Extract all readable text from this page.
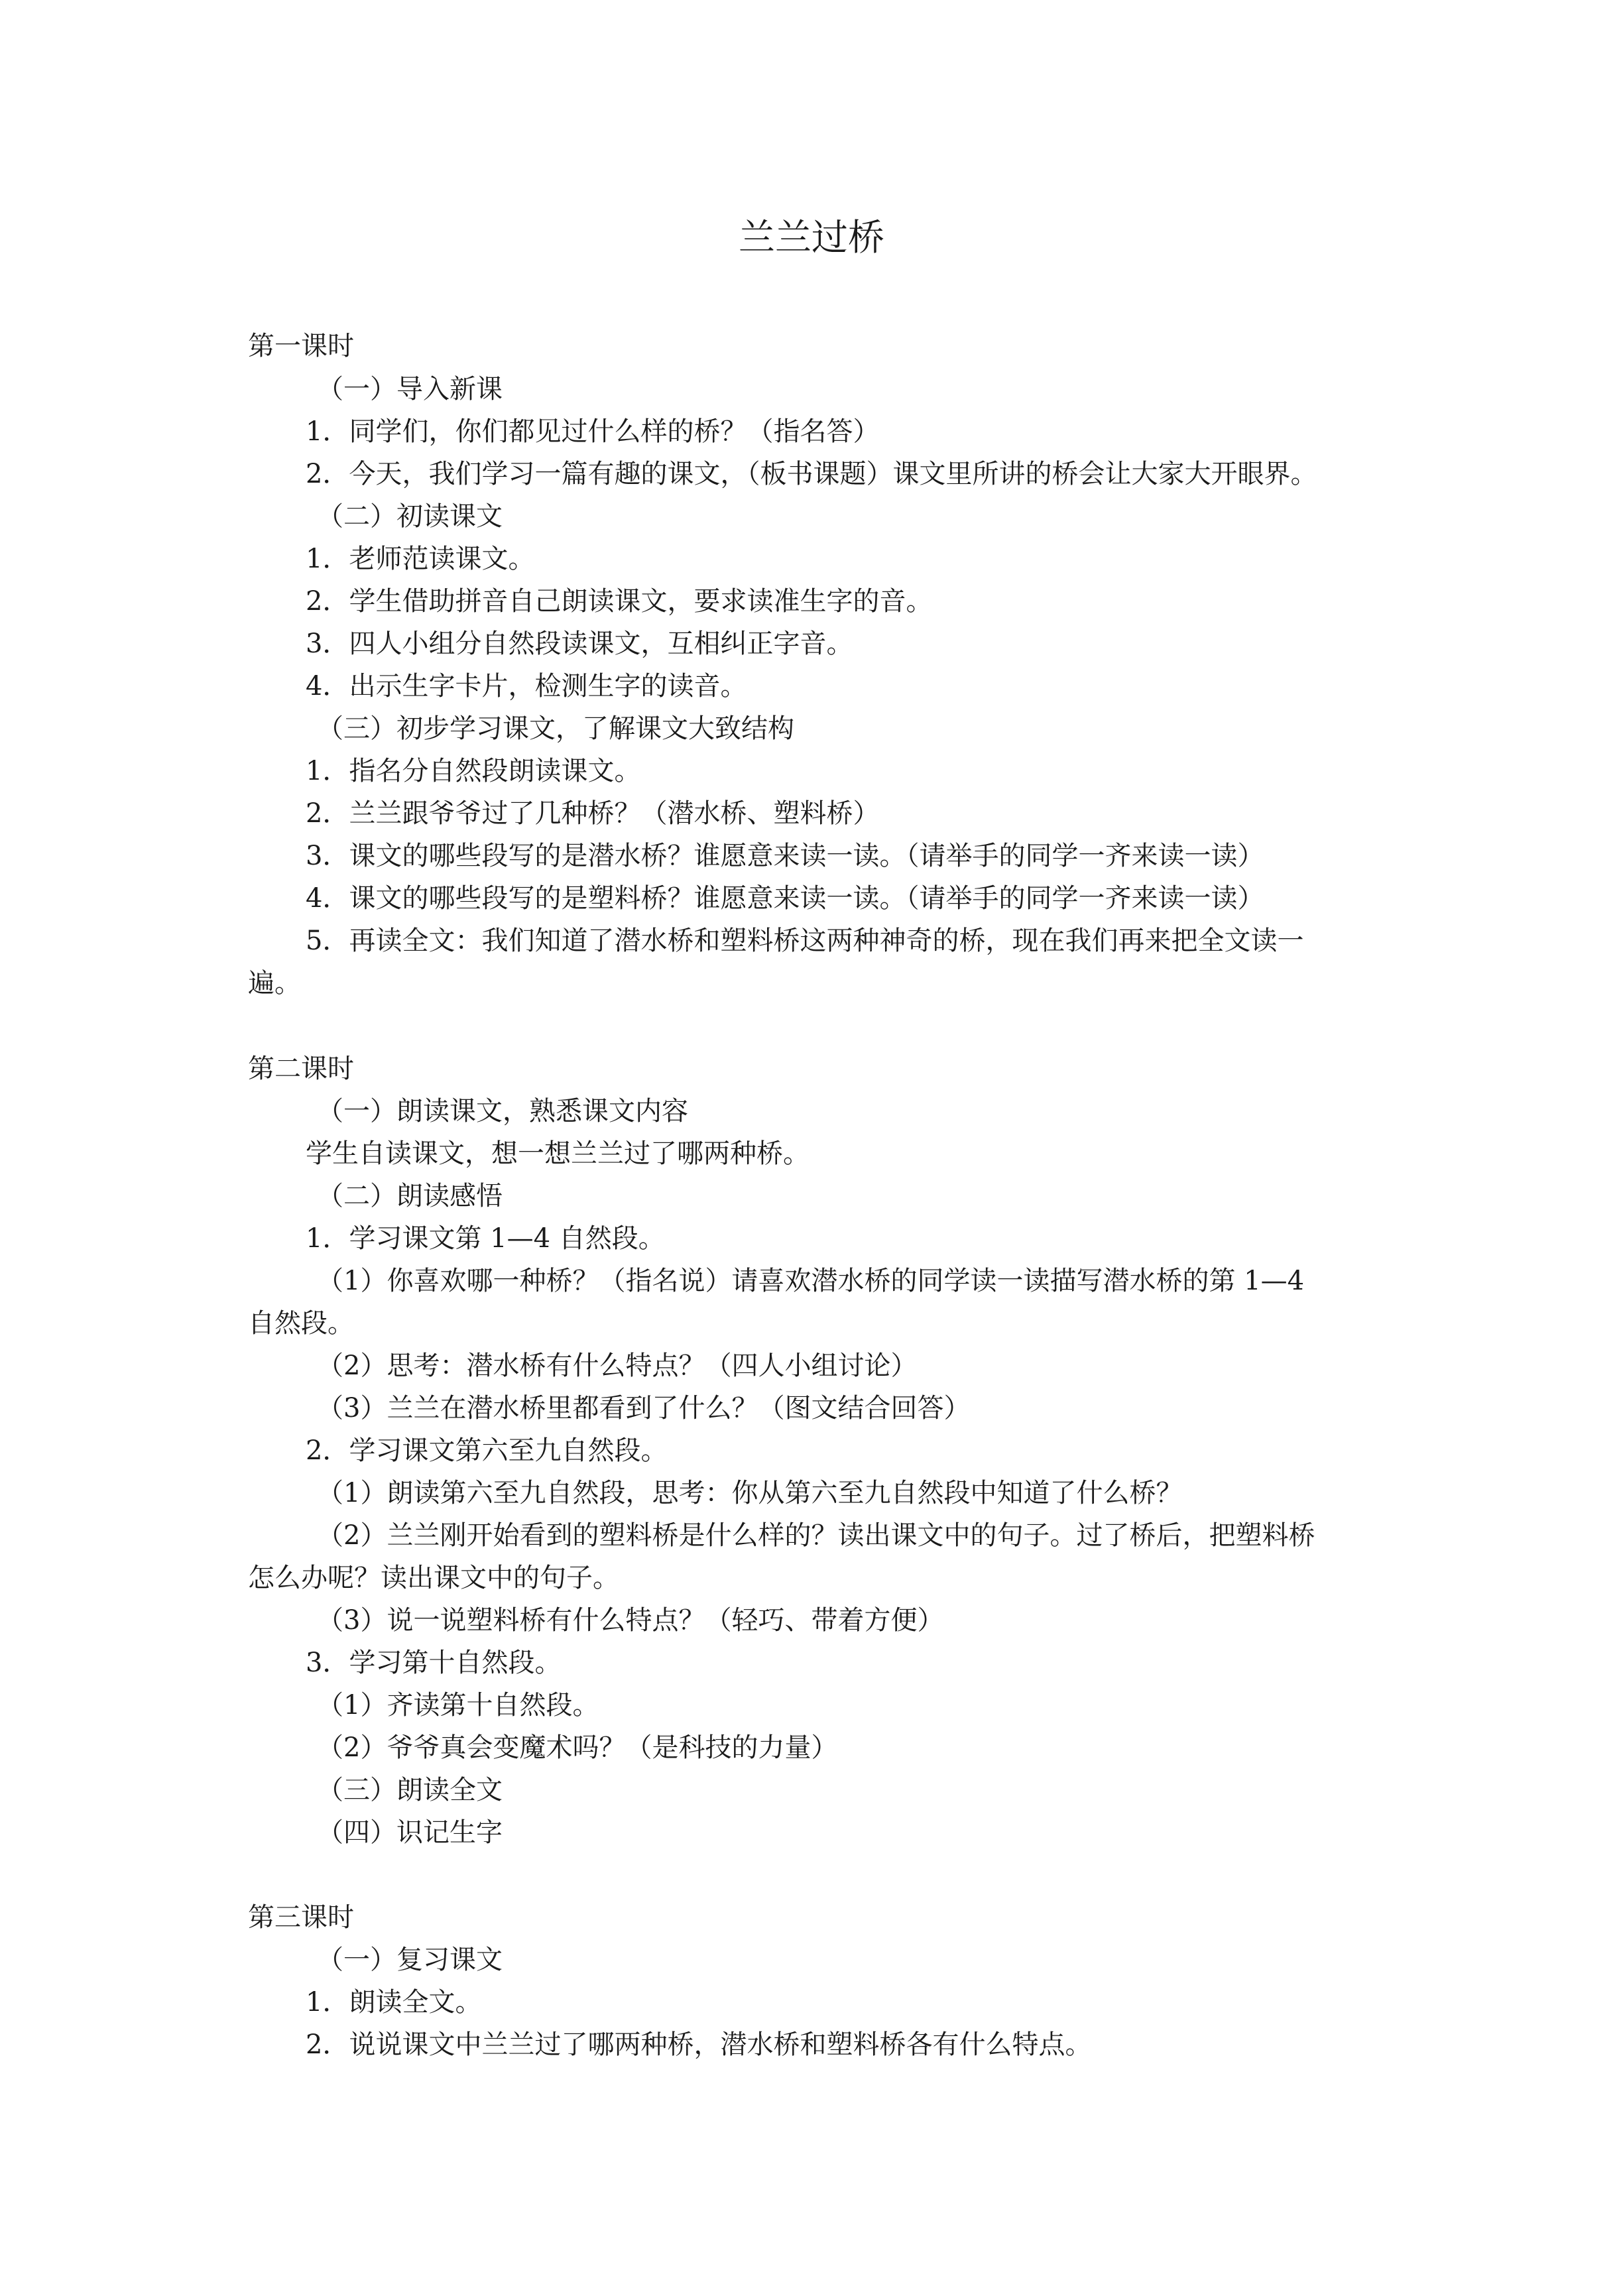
兰兰过桥
第一课时
（一）导入新课
1．同学们，你们都见过什么样的桥？（指名答）
2．今天，我们学习一篇有趣的课文，（板书课题）课文里所讲的桥会让大家大开眼界。
（二）初读课文
1．老师范读课文。
2．学生借助拼音自己朗读课文，要求读准生字的音。
3．四人小组分自然段读课文，互相纠正字音。
4．出示生字卡片，检测生字的读音。
（三）初步学习课文，了解课文大致结构
1．指名分自然段朗读课文。
2．兰兰跟爷爷过了几种桥？（潜水桥、塑料桥）
3．课文的哪些段写的是潜水桥？谁愿意来读一读。（请举手的同学一齐来读一读）
4．课文的哪些段写的是塑料桥？谁愿意来读一读。（请举手的同学一齐来读一读）
5．再读全文：我们知道了潜水桥和塑料桥这两种神奇的桥，现在我们再来把全文读一
遍。
第二课时
（一）朗读课文，熟悉课文内容
学生自读课文，想一想兰兰过了哪两种桥。
（二）朗读感悟
1．学习课文第 1—4 自然段。
（1）你喜欢哪一种桥？（指名说）请喜欢潜水桥的同学读一读描写潜水桥的第 1—4
自然段。
（2）思考：潜水桥有什么特点？（四人小组讨论）
（3）兰兰在潜水桥里都看到了什么？（图文结合回答）
2．学习课文第六至九自然段。
（1）朗读第六至九自然段，思考：你从第六至九自然段中知道了什么桥？
（2）兰兰刚开始看到的塑料桥是什么样的？读出课文中的句子。过了桥后，把塑料桥
怎么办呢？读出课文中的句子。
（3）说一说塑料桥有什么特点？（轻巧、带着方便）
3．学习第十自然段。
（1）齐读第十自然段。
（2）爷爷真会变魔术吗？（是科技的力量）
（三）朗读全文
（四）识记生字
第三课时
（一）复习课文
1．朗读全文。
2．说说课文中兰兰过了哪两种桥，潜水桥和塑料桥各有什么特点。
